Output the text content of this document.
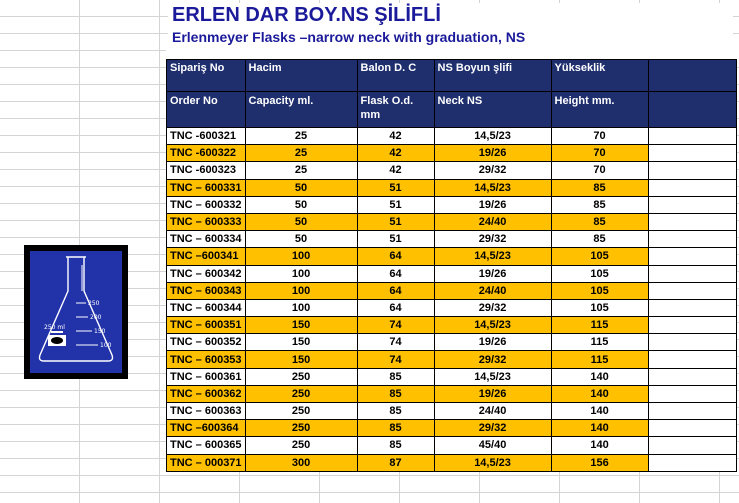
ERLEN DAR BOY.NS ŞİLİFLİ
Erlenmeyer Flasks –narrow neck with graduation, NS
250
200
150
100
250 ml
Sipariş No	Hacim	Balon D. C	NS Boyun şlifi	Yükseklik	
Order No	Capacity ml.	Flask O.d. mm	Neck NS	Height mm.	
TNC -600321	25	42	14,5/23	70	
TNC -600322	25	42	19/26	70	
TNC -600323	25	42	29/32	70	
TNC – 600331	50	51	14,5/23	85	
TNC – 600332	50	51	19/26	85	
TNC – 600333	50	51	24/40	85	
TNC – 600334	50	51	29/32	85	
TNC –600341	100	64	14,5/23	105	
TNC – 600342	100	64	19/26	105	
TNC – 600343	100	64	24/40	105	
TNC – 600344	100	64	29/32	105	
TNC – 600351	150	74	14,5/23	115	
TNC – 600352	150	74	19/26	115	
TNC – 600353	150	74	29/32	115	
TNC – 600361	250	85	14,5/23	140	
TNC – 600362	250	85	19/26	140	
TNC – 600363	250	85	24/40	140	
TNC –600364	250	85	29/32	140	
TNC – 600365	250	85	45/40	140	
TNC – 000371	300	87	14,5/23	156	
